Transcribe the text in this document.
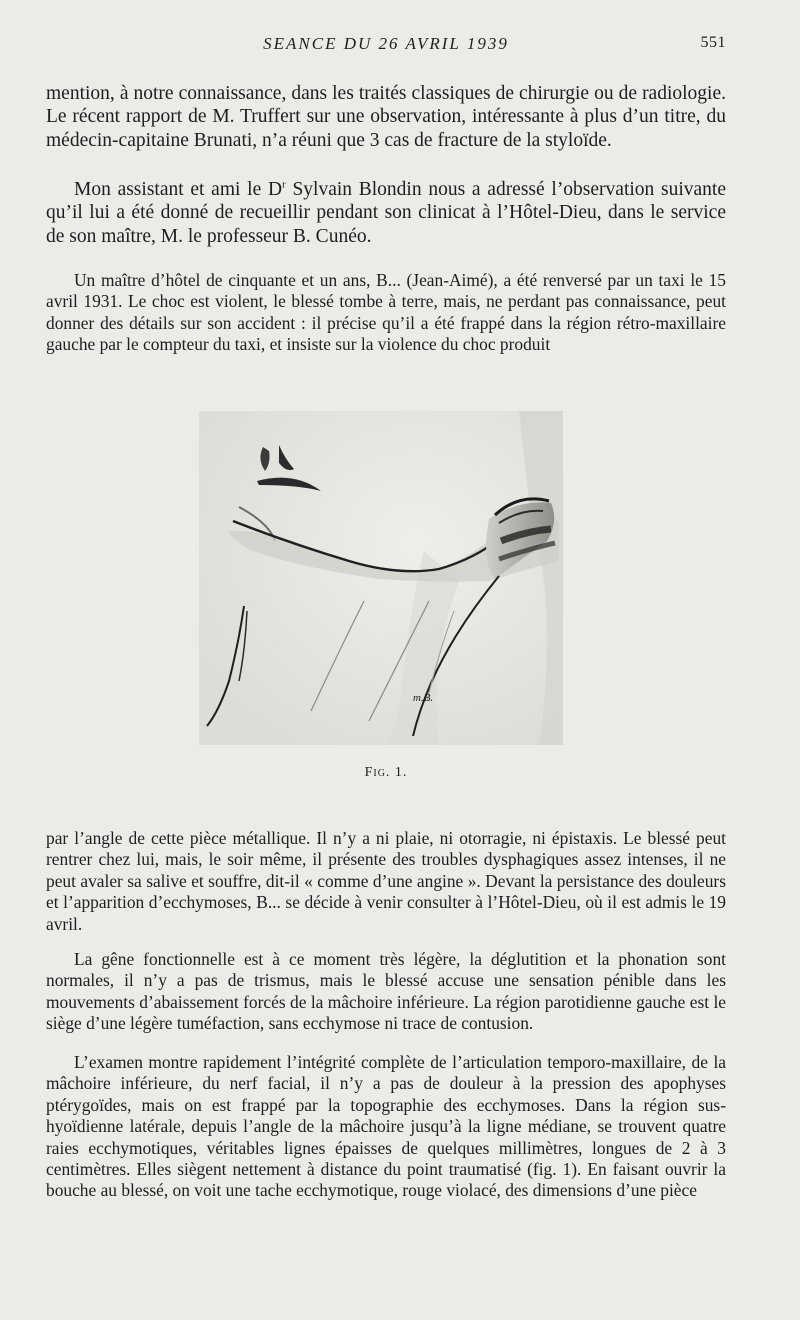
SEANCE DU 26 AVRIL 1939	551

mention, à notre connaissance, dans les traités classiques de chirurgie ou de radiologie. Le récent rapport de M. Truffert sur une observation, intéressante à plus d’un titre, du médecin-capitaine Brunati, n’a réuni que 3 cas de fracture de la styloïde.

Mon assistant et ami le $D^r$ Sylvain Blondin nous a adressé l’observation suivante qu’il lui a été donné de recueillir pendant son clinicat à l’Hôtel-Dieu, dans le service de son maître, M. le professeur B. Cunéo.

Un maître d’hôtel de cinquante et un ans, B... (Jean-Aimé), a été renversé par un taxi le 15 avril 1931. Le choc est violent, le blessé tombe à terre, mais, ne perdant pas connaissance, peut donner des détails sur son accident : il précise qu’il a été frappé dans la région rétro-maxillaire gauche par le compteur du taxi, et insiste sur la violence du choc produit

m.B.
Fig. 1.

par l’angle de cette pièce métallique. Il n’y a ni plaie, ni otorragie, ni épistaxis. Le blessé peut rentrer chez lui, mais, le soir même, il présente des troubles dysphagiques assez intenses, il ne peut avaler sa salive et souffre, dit-il « comme d’une angine ». Devant la persistance des douleurs et l’apparition d’ecchymoses, B... se décide à venir consulter à l’Hôtel-Dieu, où il est admis le 19 avril.

La gêne fonctionnelle est à ce moment très légère, la déglutition et la phonation sont normales, il n’y a pas de trismus, mais le blessé accuse une sensation pénible dans les mouvements d’abaissement forcés de la mâchoire inférieure. La région parotidienne gauche est le siège d’une légère tuméfaction, sans ecchymose ni trace de contusion.

L’examen montre rapidement l’intégrité complète de l’articulation temporo-maxillaire, de la mâchoire inférieure, du nerf facial, il n’y a pas de douleur à la pression des apophyses ptérygoïdes, mais on est frappé par la topographie des ecchymoses. Dans la région sus-hyoïdienne latérale, depuis l’angle de la mâchoire jusqu’à la ligne médiane, se trouvent quatre raies ecchymotiques, véritables lignes épaisses de quelques millimètres, longues de 2 à 3 centimètres. Elles siègent nettement à distance du point traumatisé (fig. 1). En faisant ouvrir la bouche au blessé, on voit une tache ecchymotique, rouge violacé, des dimensions d’une pièce
